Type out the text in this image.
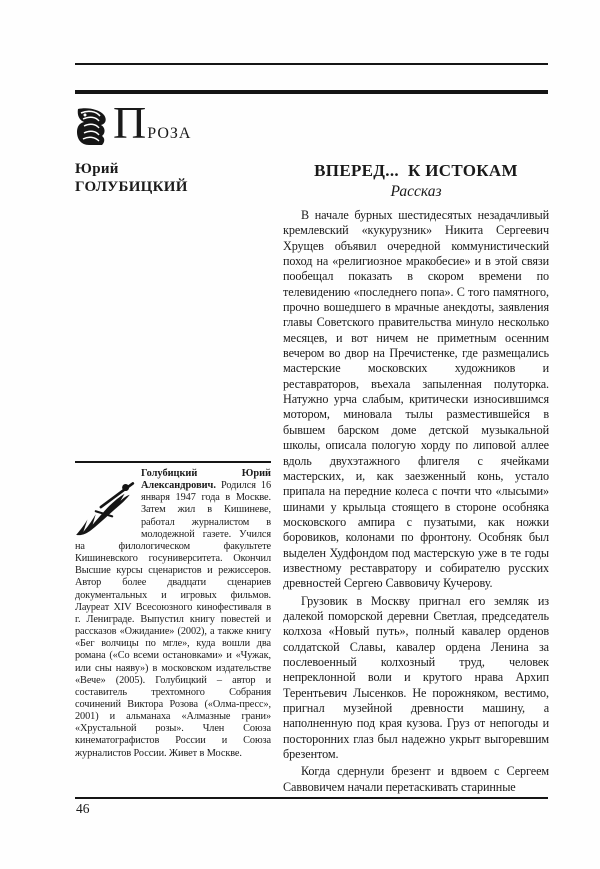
П РОЗА
Юрий
ГОЛУБИЦКИЙ
ВПЕРЕД...  К ИСТОКАМ
Рассказ

В начале бурных шестидесятых незадачливый кремлевский «кукурузник» Никита Сергеевич Хрущев объявил очередной коммунистический поход на «религиозное мракобесие» и в этой связи пообещал показать в скором времени по телевидению «последнего попа». С того памятного, прочно вошедшего в мрачные анекдоты, заявления главы Советского правительства минуло несколько месяцев, и вот ничем не приметным осенним вечером во двор на Пречистенке, где размещались мастерские московских художников и реставраторов, въехала запыленная полуторка. Натужно урча слабым, критически износившимся мотором, миновала тылы разместившейся в бывшем барском доме детской музыкальной школы, описала пологую хорду по липовой аллее вдоль двухэтажного флигеля с ячейками мастерских, и, как заезженный конь, устало припала на передние колеса с почти что «лысыми» шинами у крыльца стоящего в стороне особняка московского ампира с пузатыми, как ножки боровиков, колонами по фронтону. Особняк был выделен Худфондом под мастерскую уже в те годы известному реставратору и собирателю русских древностей Сергею Саввовичу Кучерову.

Грузовик в Москву пригнал его земляк из далекой поморской деревни Светлая, председатель колхоза «Новый путь», полный кавалер орденов солдатской Славы, кавалер ордена Ленина за послевоенный колхозный труд, человек непреклонной воли и крутого нрава Архип Терентьевич Лысенков. Не порожняком, вестимо, пригнал музейной древности машину, а наполненную под края кузова. Груз от непогоды и посторонних глаз был надежно укрыт выгоревшим брезентом.

Когда сдернули брезент и вдвоем с Сергеем Саввовичем начали перетаскивать старинные

Голубицкий Юрий Александрович. Родился 16 января 1947 года в Москве. Затем жил в Кишиневе, работал журналистом в молодежной газете. Учился на филологическом факультете Кишиневского госуниверситета. Окончил Высшие курсы сценаристов и режиссеров. Автор более двадцати сценариев документальных и игровых фильмов. Лауреат XIV Всесоюзного кинофестиваля в г. Лениграде. Выпустил книгу повестей и рассказов «Ожидание» (2002), а также книгу «Бег волчицы по мгле», куда вошли два романа («Со всеми остановками» и «Чужак, или сны наяву») в московском издательстве «Вече» (2005). Голубицкий – автор и составитель трехтомного Собрания сочинений Виктора Розова («Олма-пресс», 2001) и альманаха «Алмазные грани» «Хрустальной розы». Член Союза кинематографистов России и Союза журналистов России. Живет в Москве.

46
